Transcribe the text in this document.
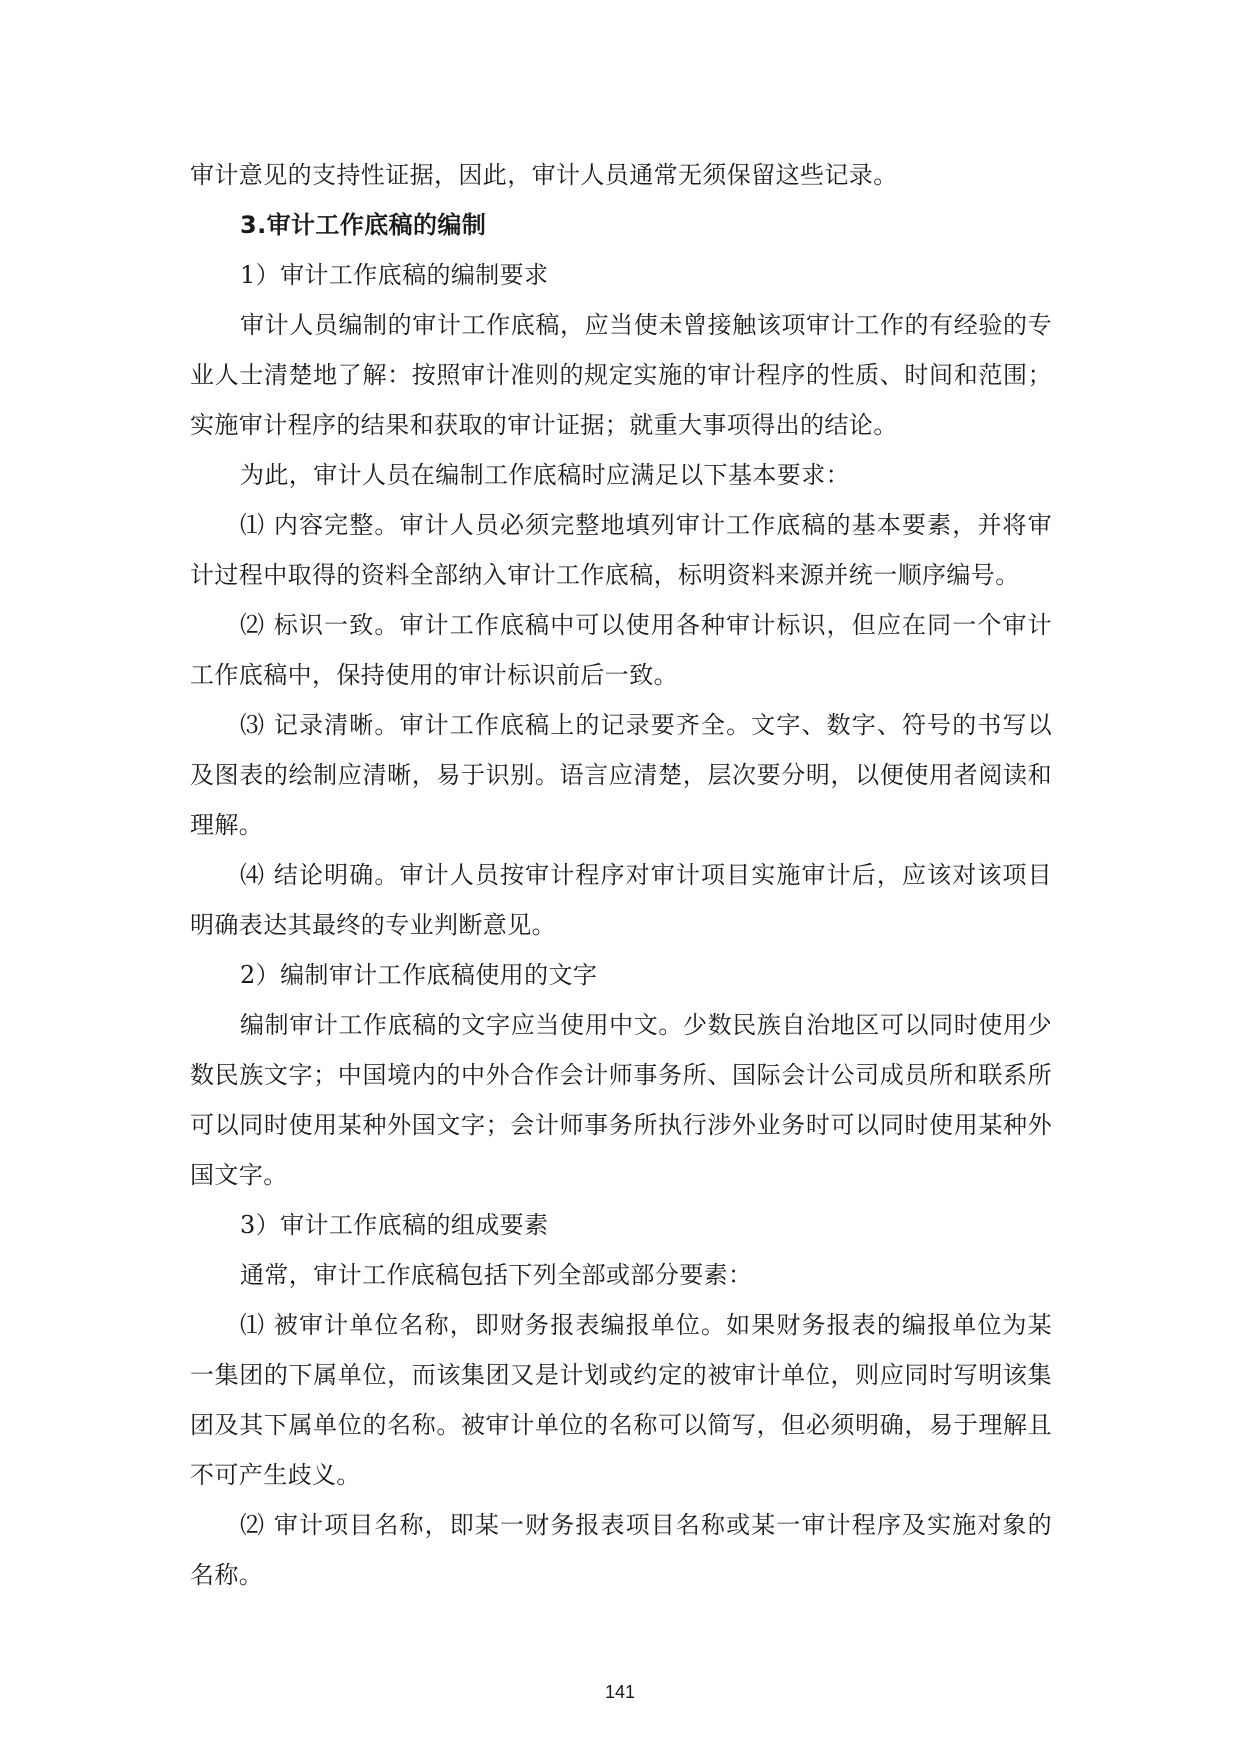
审计意见的支持性证据，因此，审计人员通常无须保留这些记录。

3.审计工作底稿的编制

1）审计工作底稿的编制要求

审计人员编制的审计工作底稿，应当使未曾接触该项审计工作的有经验的专业人士清楚地了解：按照审计准则的规定实施的审计程序的性质、时间和范围；实施审计程序的结果和获取的审计证据；就重大事项得出的结论。

为此，审计人员在编制工作底稿时应满足以下基本要求：

⑴ 内容完整。审计人员必须完整地填列审计工作底稿的基本要素，并将审计过程中取得的资料全部纳入审计工作底稿，标明资料来源并统一顺序编号。

⑵ 标识一致。审计工作底稿中可以使用各种审计标识，但应在同一个审计工作底稿中，保持使用的审计标识前后一致。

⑶ 记录清晰。审计工作底稿上的记录要齐全。文字、数字、符号的书写以及图表的绘制应清晰，易于识别。语言应清楚，层次要分明，以便使用者阅读和理解。

⑷ 结论明确。审计人员按审计程序对审计项目实施审计后，应该对该项目明确表达其最终的专业判断意见。

2）编制审计工作底稿使用的文字

编制审计工作底稿的文字应当使用中文。少数民族自治地区可以同时使用少数民族文字；中国境内的中外合作会计师事务所、国际会计公司成员所和联系所可以同时使用某种外国文字；会计师事务所执行涉外业务时可以同时使用某种外国文字。

3）审计工作底稿的组成要素

通常，审计工作底稿包括下列全部或部分要素：

⑴ 被审计单位名称，即财务报表编报单位。如果财务报表的编报单位为某一集团的下属单位，而该集团又是计划或约定的被审计单位，则应同时写明该集团及其下属单位的名称。被审计单位的名称可以简写，但必须明确，易于理解且不可产生歧义。

⑵ 审计项目名称，即某一财务报表项目名称或某一审计程序及实施对象的名称。

141
